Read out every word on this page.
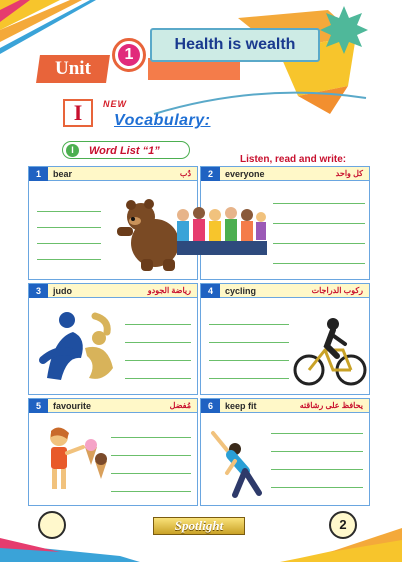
Health is wealth
Unit
1
I	NEW
Vocabulary:
I	Word List “1”
Listen, read and write:
1	bear	دُب	2	everyone	كل واحد
3	judo	رياضة الجودو	4	cycling	ركوب الدراجات
5	favourite	مُفضل	6	keep fit	يحافظ على رشاقته
Spotlight	2
